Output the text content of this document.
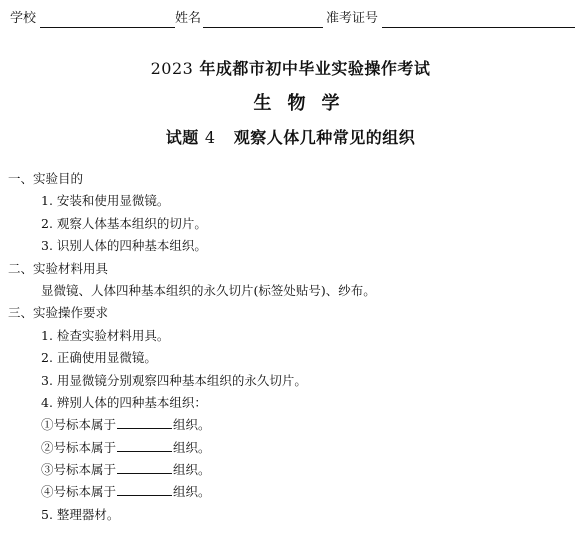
学校	姓名	准考证号
2023 年成都市初中毕业实验操作考试
生物学
试题 4 观察人体几种常见的组织
一、实验目的
1. 安装和使用显微镜。
2. 观察人体基本组织的切片。
3. 识别人体的四种基本组织。
二、实验材料用具
显微镜、人体四种基本组织的永久切片(标签处贴号)、纱布。
三、实验操作要求
1. 检查实验材料用具。
2. 正确使用显微镜。
3. 用显微镜分别观察四种基本组织的永久切片。
4. 辨别人体的四种基本组织：
①号标本属于	组织。
②号标本属于	组织。
③号标本属于	组织。
④号标本属于	组织。
5. 整理器材。
